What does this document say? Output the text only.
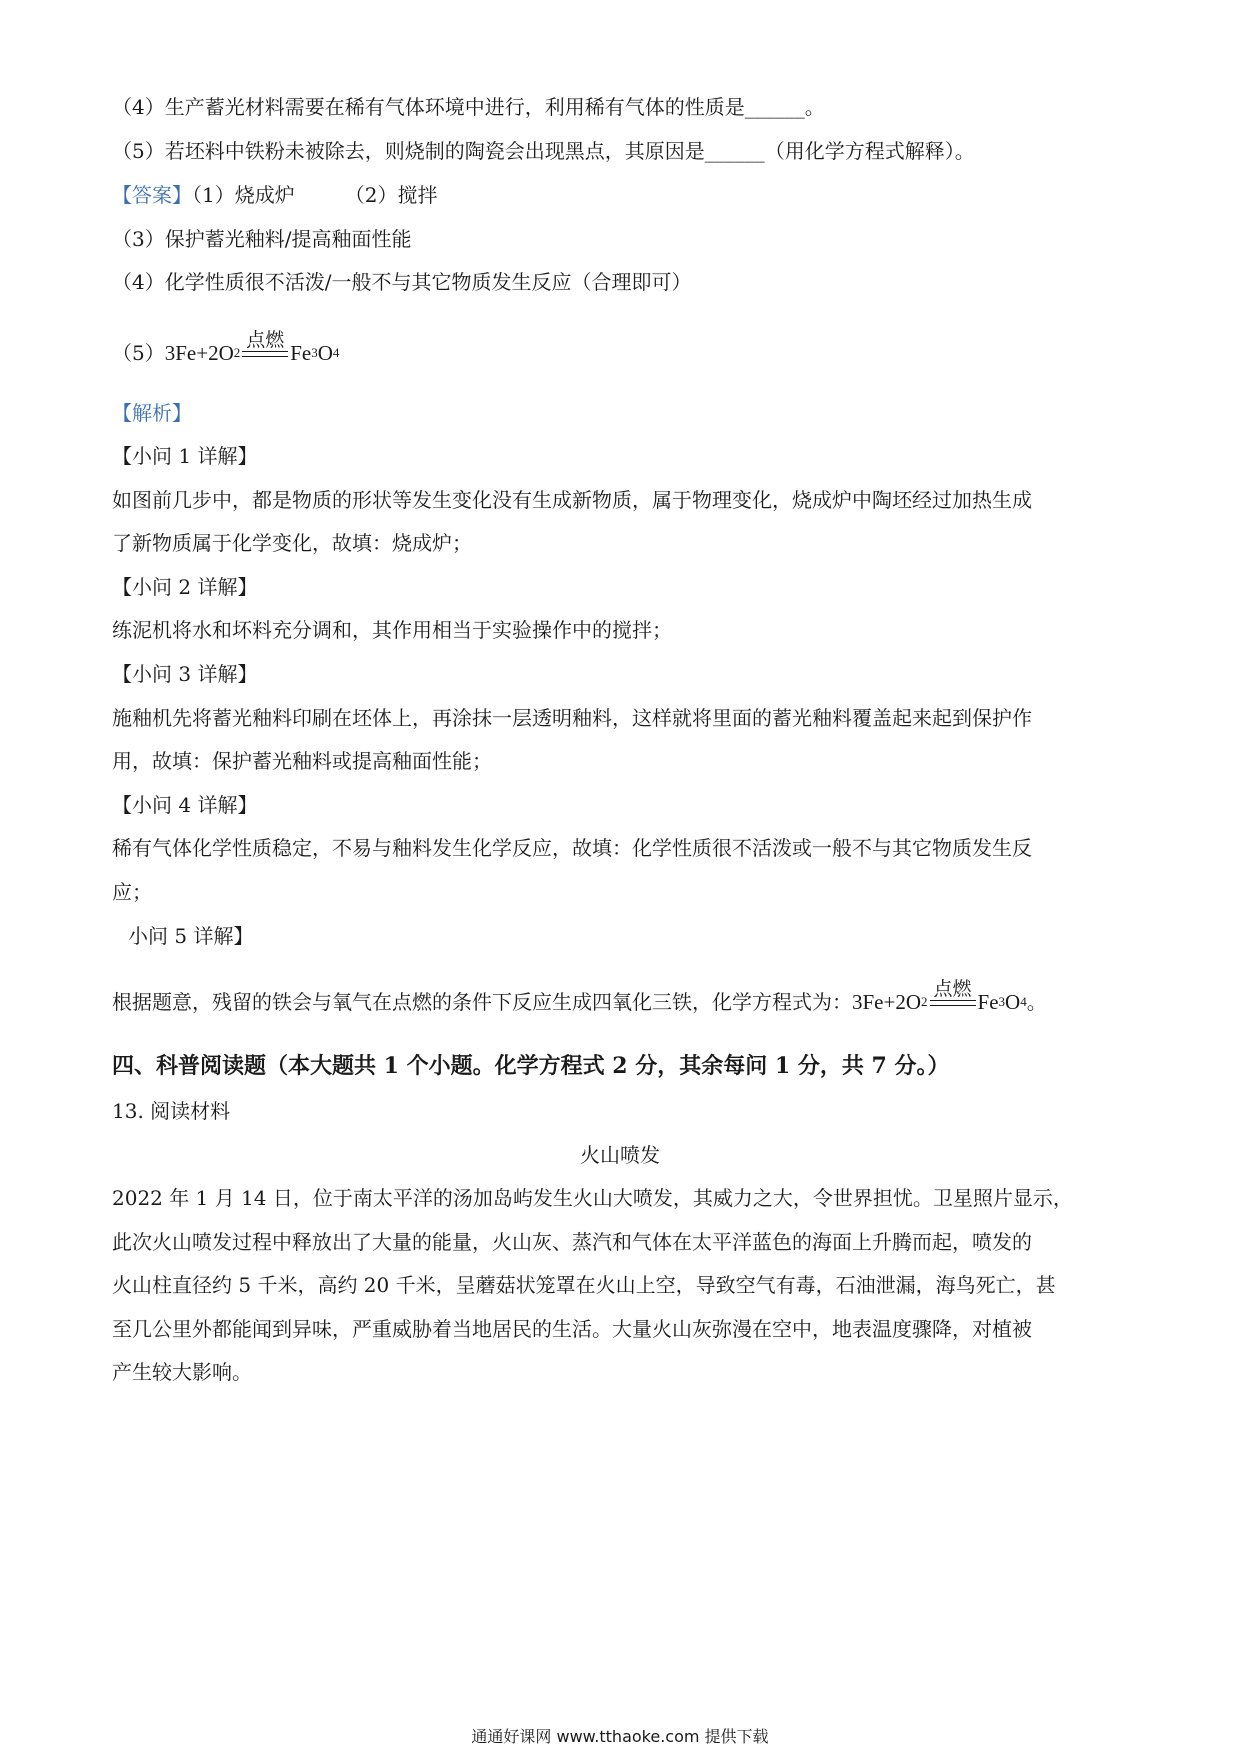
（4）生产蓄光材料需要在稀有气体环境中进行，利用稀有气体的性质是______。
（5）若坯料中铁粉未被除去，则烧制的陶瓷会出现黑点，其原因是______（用化学方程式解释）。
【答案】（1）烧成炉	（2）搅拌
（3）保护蓄光釉料/提高釉面性能
（4）化学性质很不活泼/一般不与其它物质发生反应（合理即可）
（5） 3Fe+2O 2
点燃
Fe 3 O 4
【解析】
【小问 1 详解】
如图前几步中，都是物质的形状等发生变化没有生成新物质，属于物理变化，烧成炉中陶坯经过加热生成
了新物质属于化学变化，故填：烧成炉；
【小问 2 详解】
练泥机将水和坏料充分调和，其作用相当于实验操作中的搅拌；
【小问 3 详解】
施釉机先将蓄光釉料印刷在坯体上，再涂抹一层透明釉料，这样就将里面的蓄光釉料覆盖起来起到保护作
用，故填：保护蓄光釉料或提高釉面性能；
【小问 4 详解】
稀有气体化学性质稳定，不易与釉料发生化学反应，故填：化学性质很不活泼或一般不与其它物质发生反
应；
小问 5 详解】
根据题意，残留的铁会与氧气在点燃的条件下反应生成四氧化三铁，化学方程式为： 3Fe+2O 2
点燃
Fe 3 O 4 。
四、科普阅读题（本大题共 1 个小题。化学方程式 2 分，其余每问 1 分，共 7 分。）
13. 阅读材料
火山喷发
2022 年 1 月 14 日，位于南太平洋的汤加岛屿发生火山大喷发，其威力之大，令世界担忧。卫星照片显示，
此次火山喷发过程中释放出了大量的能量，火山灰、蒸汽和气体在太平洋蓝色的海面上升腾而起，喷发的
火山柱直径约 5 千米，高约 20 千米，呈蘑菇状笼罩在火山上空，导致空气有毒，石油泄漏，海鸟死亡，甚
至几公里外都能闻到异味，严重威胁着当地居民的生活。大量火山灰弥漫在空中，地表温度骤降，对植被
产生较大影响。
通通好课网 www.tthaoke.com 提供下载
